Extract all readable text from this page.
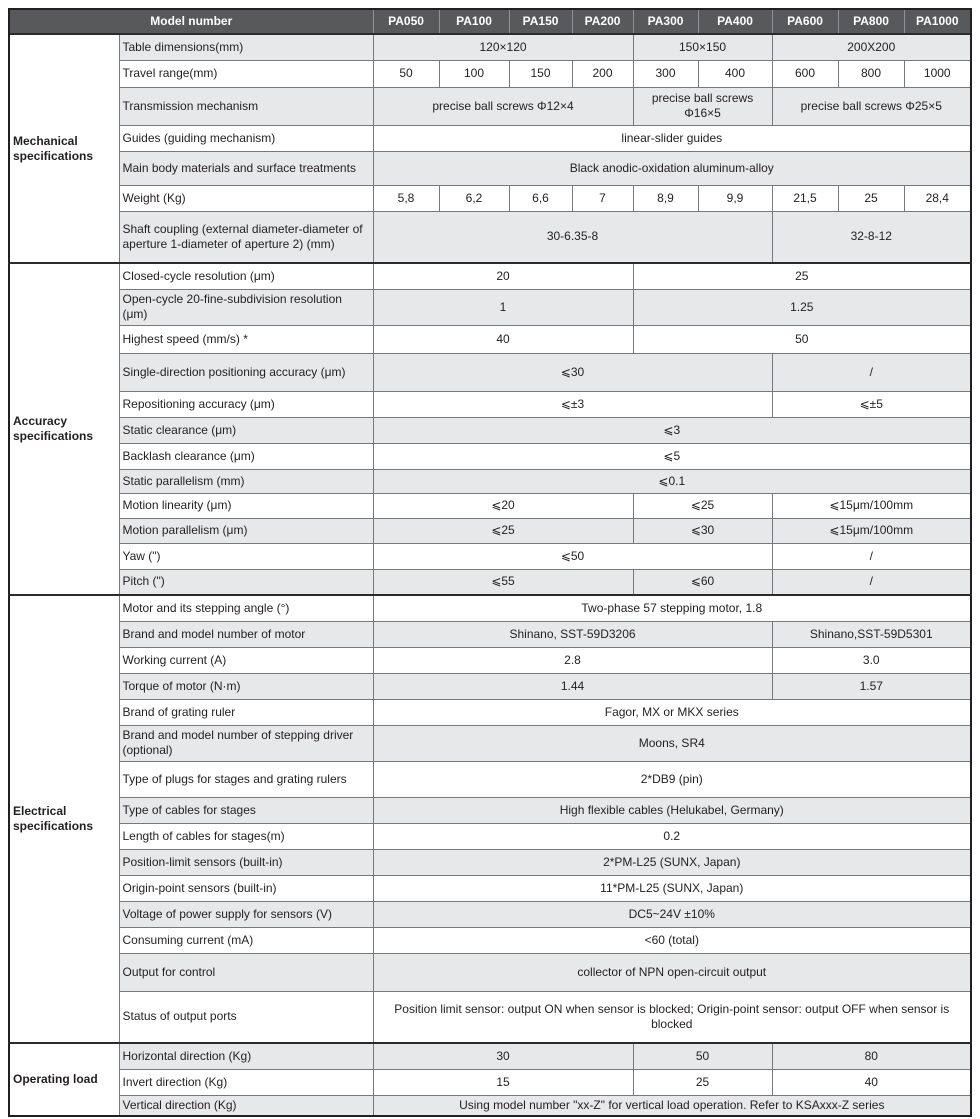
Model number		PA050	PA100	PA150	PA200	PA300	PA400	PA600	PA800	PA1000
Mechanical specifications	Table dimensions(mm)	120×120				150×150		200X200		
	Travel range(mm)	50	100	150	200	300	400	600	800	1000
	Transmission mechanism	precise ball screws Φ12×4				precise ball screws Φ16×5		precise ball screws Φ25×5		
	Guides (guiding mechanism)	linear-slider guides								
	Main body materials and surface treatments	Black anodic-oxidation aluminum-alloy								
	Weight (Kg)	5,8	6,2	6,6	7	8,9	9,9	21,5	25	28,4
	Shaft coupling (external diameter-diameter of aperture 1-diameter of aperture 2) (mm)	30-6.35-8						32-8-12		
Accuracy specifications	Closed-cycle resolution (μm)	20				25				
	Open-cycle 20-fine-subdivision resolution (μm)	1				1.25				
	Highest speed (mm/s) *	40				50				
	Single-direction positioning accuracy (μm)	⩽30						/		
	Repositioning accuracy (μm)	⩽±3						⩽±5		
	Static clearance (μm)	⩽3								
	Backlash clearance (μm)	⩽5								
	Static parallelism (mm)	⩽0.1								
	Motion linearity (μm)	⩽20				⩽25		⩽15μm/100mm		
	Motion parallelism (μm)	⩽25				⩽30		⩽15μm/100mm		
	Yaw (")	⩽50						/		
	Pitch (")	⩽55				⩽60		/		
Electrical specifications	Motor and its stepping angle (°)	Two-phase 57 stepping motor, 1.8								
	Brand and model number of motor	Shinano, SST-59D3206						Shinano,SST-59D5301		
	Working current (A)	2.8						3.0		
	Torque of motor (N·m)	1.44						1.57		
	Brand of grating ruler	Fagor, MX or MKX series								
	Brand and model number of stepping driver (optional)	Moons, SR4								
	Type of plugs for stages and grating rulers	2*DB9 (pin)								
	Type of cables for stages	High flexible cables (Helukabel, Germany)								
	Length of cables for stages(m)	0.2								
	Position-limit sensors (built-in)	2*PM-L25 (SUNX, Japan)								
	Origin-point sensors (built-in)	11*PM-L25 (SUNX, Japan)								
	Voltage of power supply for sensors (V)	DC5~24V ±10%								
	Consuming current (mA)	<60 (total)								
	Output for control	collector of NPN open-circuit output								
	Status of output ports	Position limit sensor: output ON when sensor is blocked; Origin-point sensor: output OFF when sensor is blocked								
Operating load	Horizontal direction (Kg)	30				50		80		
	Invert direction (Kg)	15				25		40		
	Vertical direction (Kg)	Using model number "xx-Z" for vertical load operation. Refer to KSAxxx-Z series								
